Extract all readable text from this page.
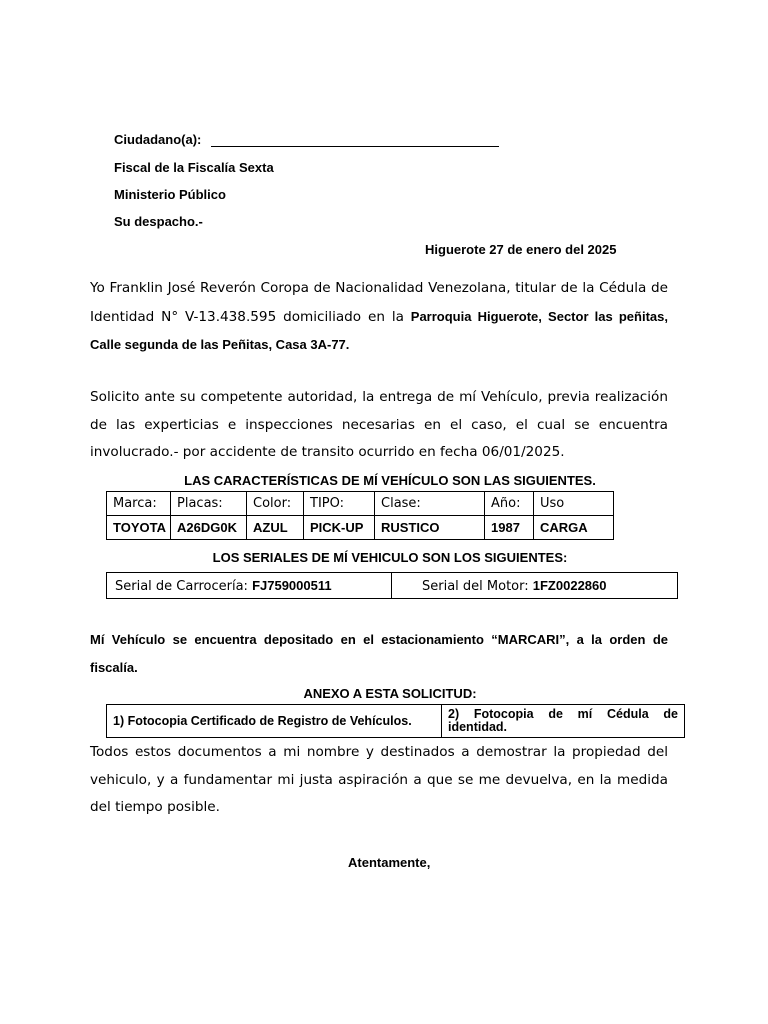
Ciudadano(a):
Fiscal de la Fiscalía Sexta
Ministerio Público
Su despacho.-
Higuerote 27 de enero del 2025
Yo Franklin José Reverón Coropa de Nacionalidad Venezolana, titular de la Cédula de Identidad N° V-13.438.595 domiciliado en la Parroquia Higuerote, Sector las peñitas, Calle segunda de las Peñitas, Casa 3A-77.
Solicito ante su competente autoridad, la entrega de mí Vehículo, previa realización de las experticias e inspecciones necesarias en el caso, el cual se encuentra involucrado.- por accidente de transito ocurrido en fecha 06/01/2025.
LAS CARACTERÍSTICAS DE MÍ VEHÍCULO SON LAS SIGUIENTES.
Marca:	Placas:	Color:	TIPO:	Clase:	Año:	Uso
TOYOTA	A26DG0K	AZUL	PICK-UP	RUSTICO	1987	CARGA
LOS SERIALES DE MÍ VEHICULO SON LOS SIGUIENTES:
Serial de Carrocería: FJ759000511	Serial del Motor: 1FZ0022860
Mí Vehículo se encuentra depositado en el estacionamiento “MARCARI”, a la orden de fiscalía.
ANEXO A ESTA SOLICITUD:
1) Fotocopia Certificado de Registro de Vehículos.	2) Fotocopia de mí Cédula de identidad.
Todos estos documentos a mi nombre y destinados a demostrar la propiedad del vehiculo, y a fundamentar mi justa aspiración a que se me devuelva, en la medida del tiempo posible.
Atentamente,
